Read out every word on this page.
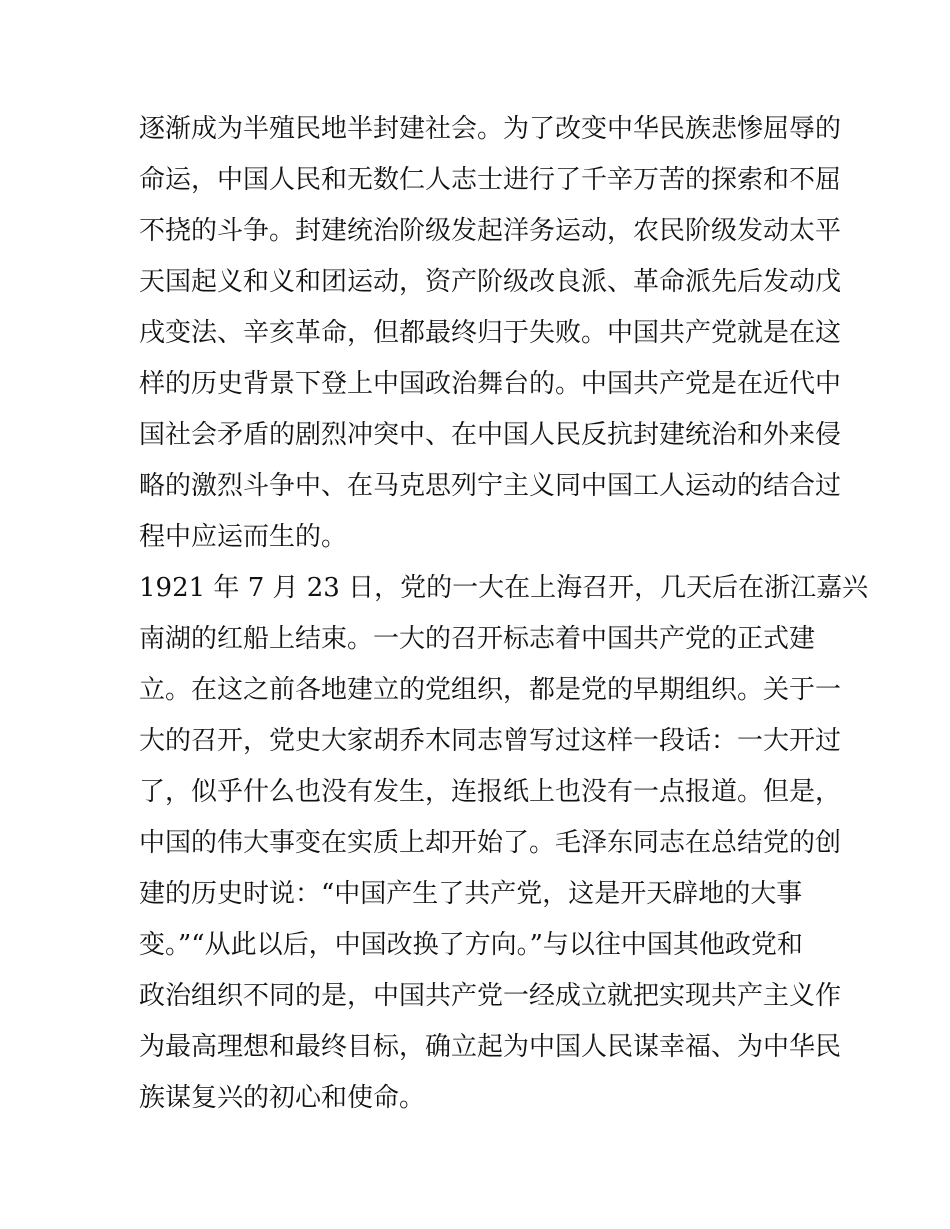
逐渐成为半殖民地半封建社会。为了改变中华民族悲惨屈辱的
命运，中国人民和无数仁人志士进行了千辛万苦的探索和不屈
不挠的斗争。封建统治阶级发起洋务运动，农民阶级发动太平
天国起义和义和团运动，资产阶级改良派、革命派先后发动戊
戌变法、辛亥革命，但都最终归于失败。中国共产党就是在这
样的历史背景下登上中国政治舞台的。中国共产党是在近代中
国社会矛盾的剧烈冲突中、在中国人民反抗封建统治和外来侵
略的激烈斗争中、在马克思列宁主义同中国工人运动的结合过
程中应运而生的。
1921 年 7 月 23 日，党的一大在上海召开，几天后在浙江嘉兴
南湖的红船上结束。一大的召开标志着中国共产党的正式建
立。在这之前各地建立的党组织，都是党的早期组织。关于一
大的召开，党史大家胡乔木同志曾写过这样一段话：一大开过
了，似乎什么也没有发生，连报纸上也没有一点报道。但是，
中国的伟大事变在实质上却开始了。毛泽东同志在总结党的创
建的历史时说：“中国产生了共产党，这是开天辟地的大事
变。”“从此以后，中国改换了方向。”与以往中国其他政党和
政治组织不同的是，中国共产党一经成立就把实现共产主义作
为最高理想和最终目标，确立起为中国人民谋幸福、为中华民
族谋复兴的初心和使命。
